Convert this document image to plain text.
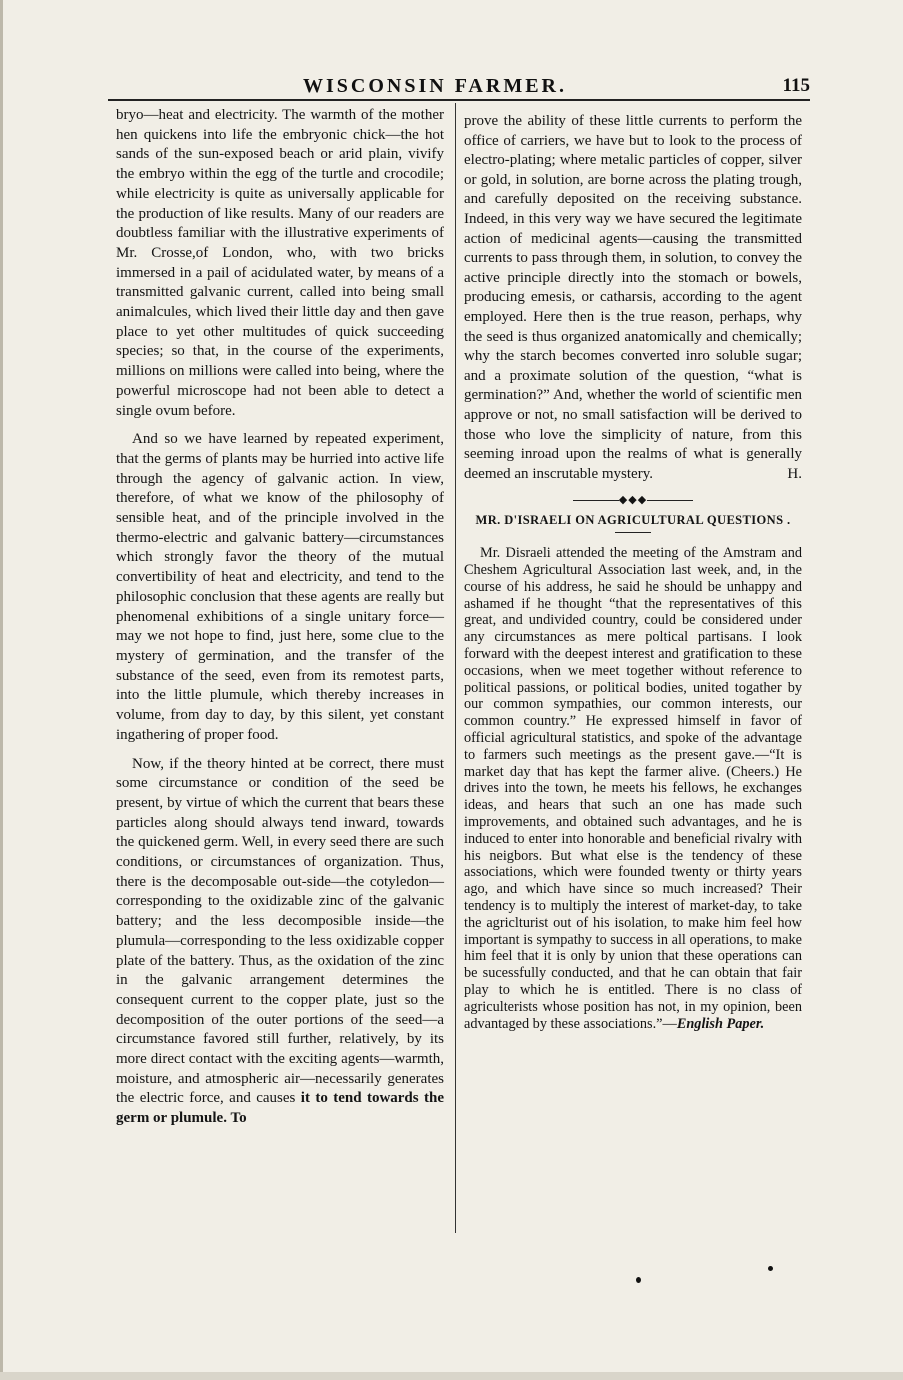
WISCONSIN FARMER.	115

bryo—heat and electricity. The warmth of the mother hen quickens into life the embryonic chick—the hot sands of the sun-exposed beach or arid plain, vivify the embryo within the egg of the turtle and crocodile; while electricity is quite as universally applicable for the production of like results. Many of our readers are doubtless familiar with the illustrative experiments of Mr. Crosse,of London, who, with two bricks immersed in a pail of acidulated water, by means of a transmitted galvanic current, called into being small animalcules, which lived their little day and then gave place to yet other multitudes of quick succeeding species; so that, in the course of the experiments, millions on millions were called into being, where the powerful microscope had not been able to detect a single ovum before.

And so we have learned by repeated experiment, that the germs of plants may be hurried into active life through the agency of galvanic action. In view, therefore, of what we know of the philosophy of sensible heat, and of the principle involved in the thermo-electric and galvanic battery—circumstances which strongly favor the theory of the mutual convertibility of heat and electricity, and tend to the philosophic conclusion that these agents are really but phenomenal exhibitions of a single unitary force—may we not hope to find, just here, some clue to the mystery of germination, and the transfer of the substance of the seed, even from its remotest parts, into the little plumule, which thereby increases in volume, from day to day, by this silent, yet constant ingathering of proper food.

Now, if the theory hinted at be correct, there must some circumstance or condition of the seed be present, by virtue of which the current that bears these particles along should always tend inward, towards the quickened germ. Well, in every seed there are such conditions, or circumstances of organization. Thus, there is the decomposable out-side—the cotyledon—corresponding to the oxidizable zinc of the galvanic battery; and the less decomposible inside—the plumula—corresponding to the less oxidizable copper plate of the battery. Thus, as the oxidation of the zinc in the galvanic arrangement determines the consequent current to the copper plate, just so the decomposition of the outer portions of the seed—a circumstance favored still further, relatively, by its more direct contact with the exciting agents—warmth, moisture, and atmospheric air—necessarily generates the electric force, and causes it to tend towards the germ or plumule. To

prove the ability of these little currents to perform the office of carriers, we have but to look to the process of electro-plating; where metalic particles of copper, silver or gold, in solution, are borne across the plating trough, and carefully deposited on the receiving substance. Indeed, in this very way we have secured the legitimate action of medicinal agents—causing the transmitted currents to pass through them, in solution, to convey the active principle directly into the stomach or bowels, producing emesis, or catharsis, according to the agent employed. Here then is the true reason, perhaps, why the seed is thus organized anatomically and chemically; why the starch becomes converted inro soluble sugar; and a proximate solution of the question, “what is germination?” And, whether the world of scientific men approve or not, no small satisfaction will be derived to those who love the simplicity of nature, from this seeming inroad upon the realms of what is generally deemed an inscrutable mystery.	H.

◆◆◆
MR. D'ISRAELI ON AGRICULTURAL QUESTIONS .

Mr. Disraeli attended the meeting of the Amstram and Cheshem Agricultural Association last week, and, in the course of his address, he said he should be unhappy and ashamed if he thought “that the representatives of this great, and undivided country, could be considered under any circumstances as mere poltical partisans. I look forward with the deepest interest and gratification to these occasions, when we meet together without reference to political passions, or political bodies, united togather by our common sympathies, our common interests, our common country.” He expressed himself in favor of official agricultural statistics, and spoke of the advantage to farmers such meetings as the present gave.—“It is market day that has kept the farmer alive. (Cheers.) He drives into the town, he meets his fellows, he exchanges ideas, and hears that such an one has made such improvements, and obtained such advantages, and he is induced to enter into honorable and beneficial rivalry with his neigbors. But what else is the tendency of these associations, which were founded twenty or thirty years ago, and which have since so much increased? Their tendency is to multiply the interest of market-day, to take the agriclturist out of his isolation, to make him feel how important is sympathy to success in all operations, to make him feel that it is only by union that these operations can be sucessfully conducted, and that he can obtain that fair play to which he is entitled. There is no class of agriculterists whose position has not, in my opinion, been advantaged by these associations.”—English Paper.
